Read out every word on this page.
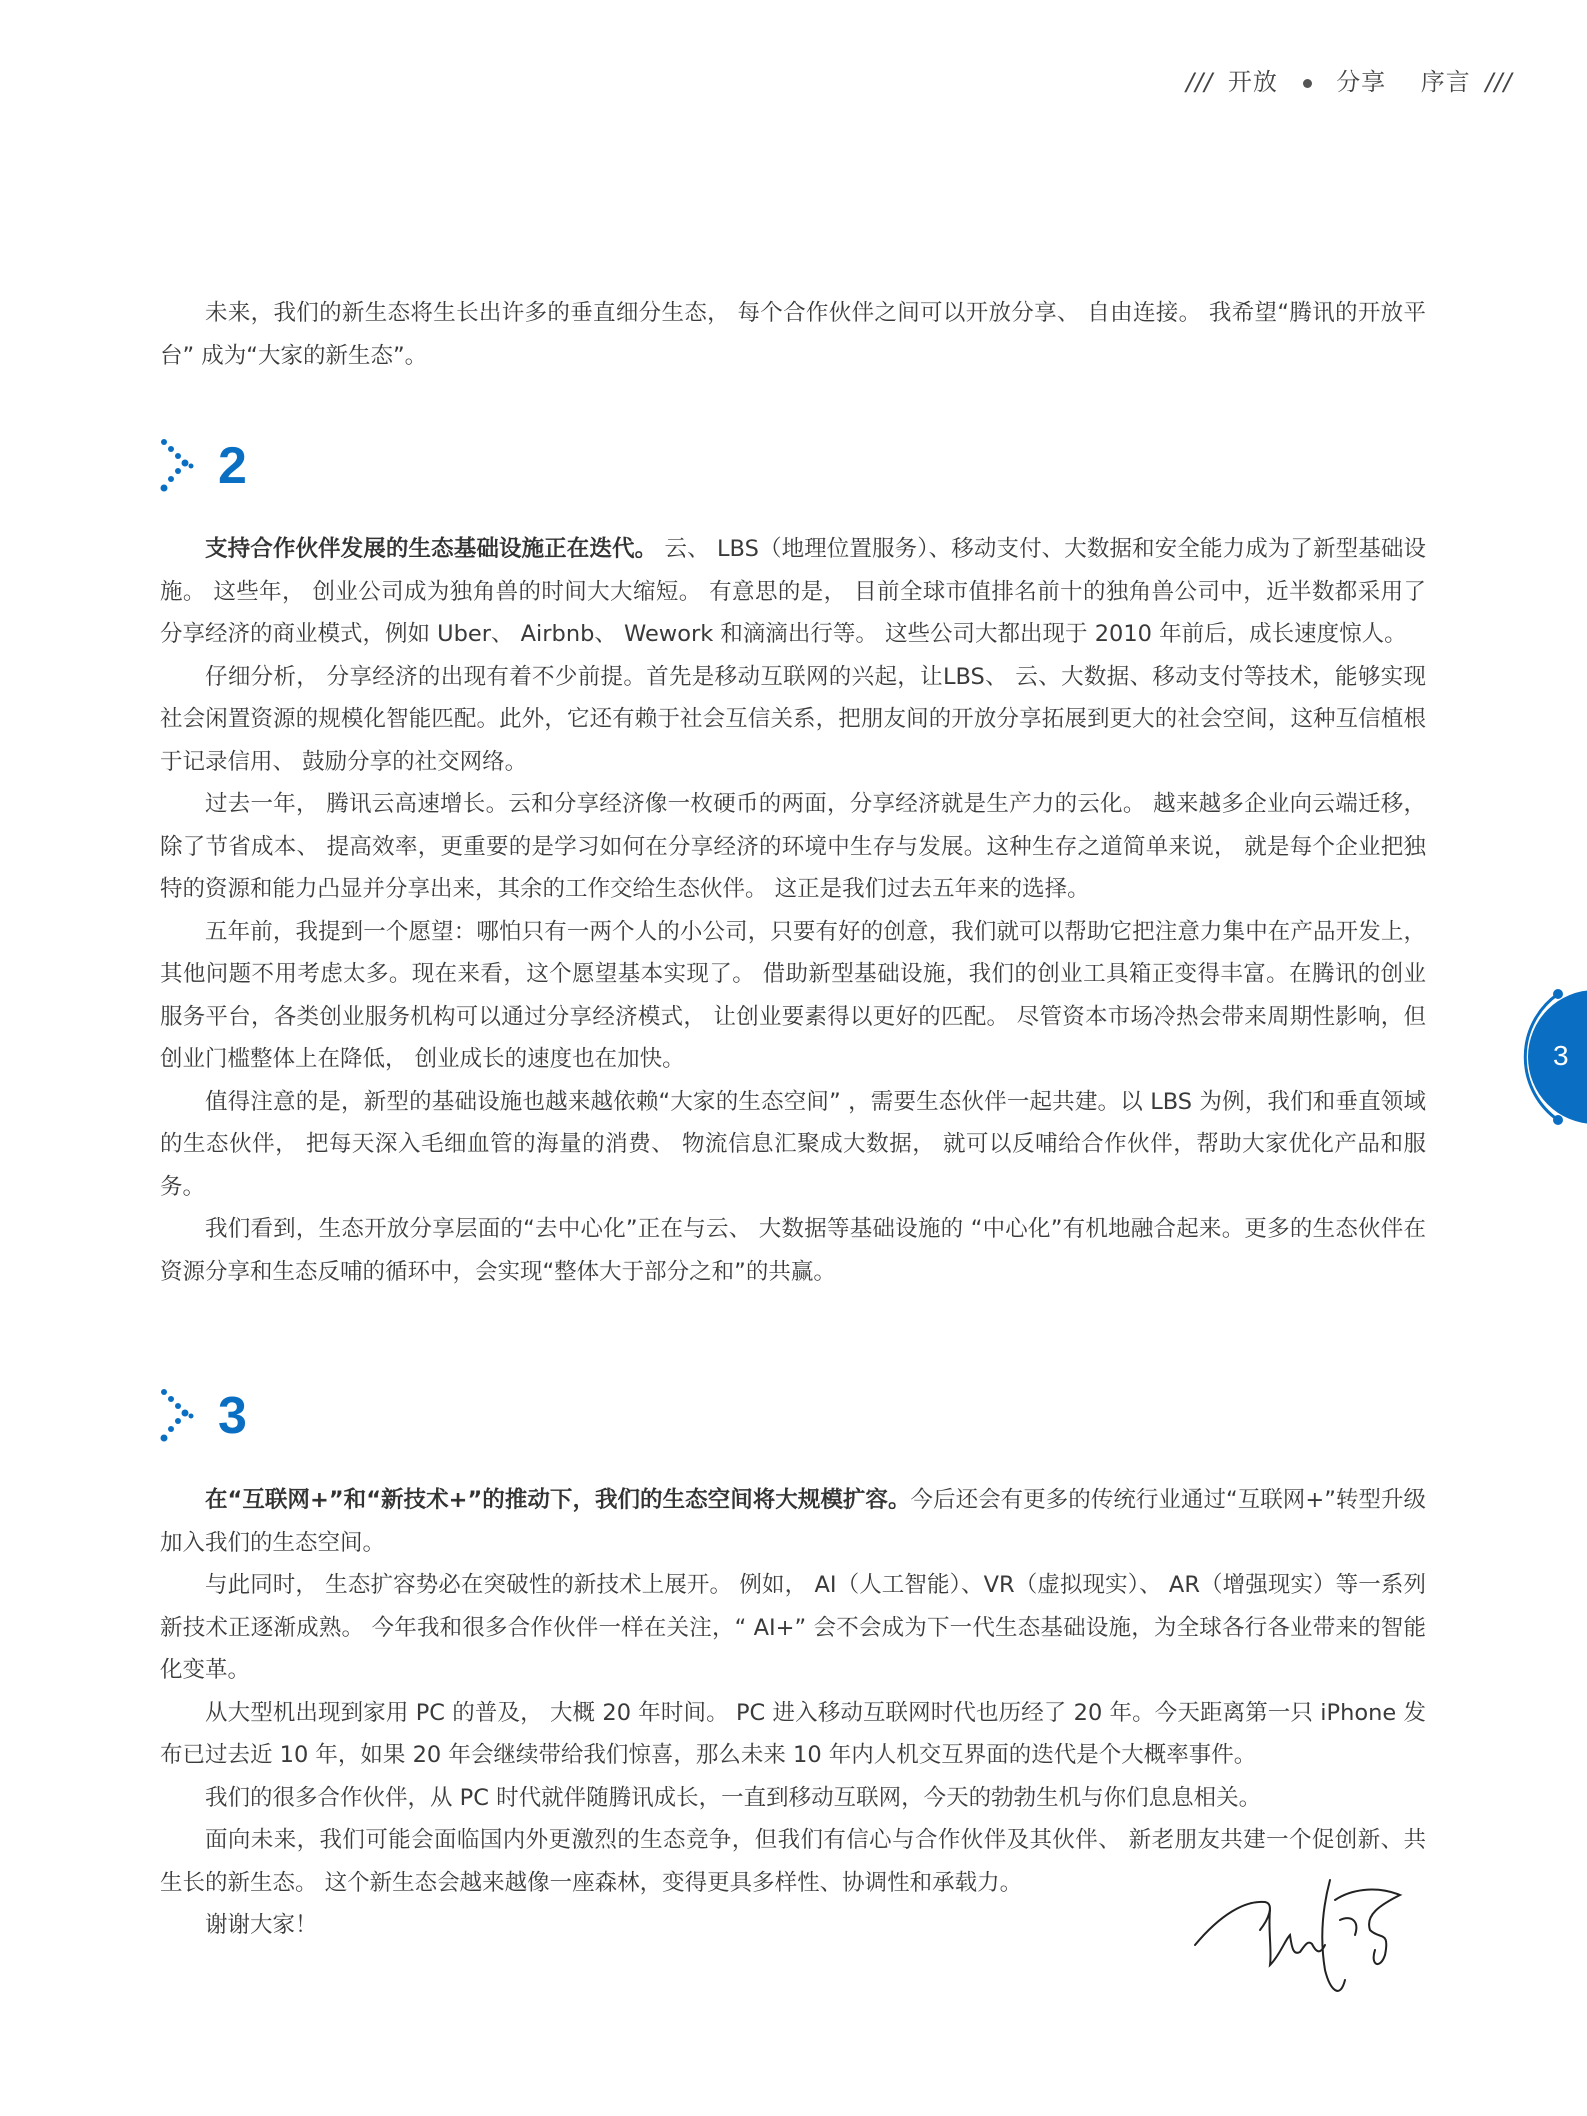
/// 开放 分享 序言 ///

未来，我们的新生态将生长出许多的垂直细分生态， 每个合作伙伴之间可以开放分享、 自由连接。 我希望“腾讯的开放平台” 成为“大家的新生态”。

2

支持合作伙伴发展的生态基础设施正在迭代。 云、 LBS（地理位置服务）、移动支付、大数据和安全能力成为了新型基础设施。 这些年， 创业公司成为独角兽的时间大大缩短。 有意思的是， 目前全球市值排名前十的独角兽公司中，近半数都采用了分享经济的商业模式，例如 Uber、 Airbnb、 Wework 和滴滴出行等。 这些公司大都出现于 2010 年前后，成长速度惊人。

仔细分析， 分享经济的出现有着不少前提。首先是移动互联网的兴起，让LBS、 云、大数据、移动支付等技术，能够实现社会闲置资源的规模化智能匹配。此外，它还有赖于社会互信关系，把朋友间的开放分享拓展到更大的社会空间，这种互信植根于记录信用、 鼓励分享的社交网络。

过去一年， 腾讯云高速增长。云和分享经济像一枚硬币的两面，分享经济就是生产力的云化。 越来越多企业向云端迁移，除了节省成本、 提高效率，更重要的是学习如何在分享经济的环境中生存与发展。这种生存之道简单来说， 就是每个企业把独特的资源和能力凸显并分享出来，其余的工作交给生态伙伴。 这正是我们过去五年来的选择。

五年前，我提到一个愿望：哪怕只有一两个人的小公司，只要有好的创意，我们就可以帮助它把注意力集中在产品开发上，其他问题不用考虑太多。现在来看，这个愿望基本实现了。 借助新型基础设施，我们的创业工具箱正变得丰富。在腾讯的创业服务平台，各类创业服务机构可以通过分享经济模式， 让创业要素得以更好的匹配。 尽管资本市场冷热会带来周期性影响，但创业门槛整体上在降低， 创业成长的速度也在加快。

值得注意的是，新型的基础设施也越来越依赖“大家的生态空间” ，需要生态伙伴一起共建。以 LBS 为例，我们和垂直领域的生态伙伴， 把每天深入毛细血管的海量的消费、 物流信息汇聚成大数据， 就可以反哺给合作伙伴，帮助大家优化产品和服务。

我们看到，生态开放分享层面的“去中心化”正在与云、 大数据等基础设施的 “中心化”有机地融合起来。更多的生态伙伴在资源分享和生态反哺的循环中，会实现“整体大于部分之和”的共赢。

3

在“互联网+”和“新技术+”的推动下，我们的生态空间将大规模扩容。今后还会有更多的传统行业通过“互联网+”转型升级加入我们的生态空间。

与此同时， 生态扩容势必在突破性的新技术上展开。 例如， AI（人工智能）、VR（虚拟现实）、 AR（增强现实）等一系列新技术正逐渐成熟。 今年我和很多合作伙伴一样在关注，“ AI+” 会不会成为下一代生态基础设施，为全球各行各业带来的智能化变革。

从大型机出现到家用 PC 的普及， 大概 20 年时间。 PC 进入移动互联网时代也历经了 20 年。今天距离第一只 iPhone 发布已过去近 10 年，如果 20 年会继续带给我们惊喜，那么未来 10 年内人机交互界面的迭代是个大概率事件。

我们的很多合作伙伴，从 PC 时代就伴随腾讯成长，一直到移动互联网，今天的勃勃生机与你们息息相关。

面向未来，我们可能会面临国内外更激烈的生态竞争，但我们有信心与合作伙伴及其伙伴、 新老朋友共建一个促创新、共生长的新生态。 这个新生态会越来越像一座森林，变得更具多样性、协调性和承载力。

谢谢大家！

3
